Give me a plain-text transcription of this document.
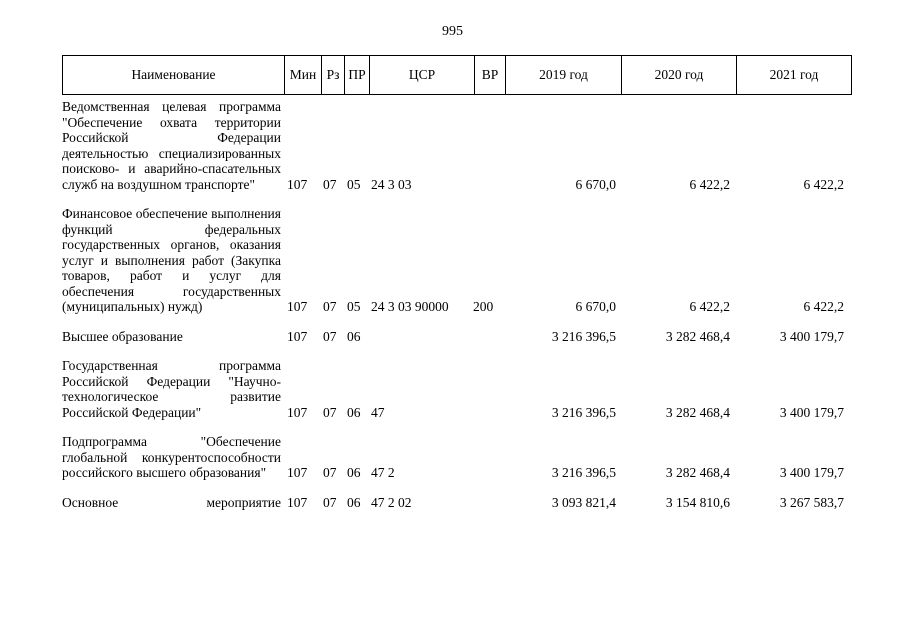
995
Наименование	Мин	Рз	ПР	ЦСР	ВР	2019 год	2020 год	2021 год
Ведомственная целевая программа "Обеспечение охвата территории Российской Федерации деятельностью специализированных поисково- и аварийно-спасательных служб на воздушном транспорте"	107	07	05	24 3 03		6 670,0	6 422,2	6 422,2

Финансовое обеспечение выполнения функций федеральных государственных органов, оказания услуг и выполнения работ (Закупка товаров, работ и услуг для обеспечения государственных (муниципальных) нужд)	107	07	05	24 3 03 90000	200	6 670,0	6 422,2	6 422,2

Высшее образование	107	07	06			3 216 396,5	3 282 468,4	3 400 179,7

Государственная программа Российской Федерации "Научно-технологическое развитие Российской Федерации"	107	07	06	47		3 216 396,5	3 282 468,4	3 400 179,7

Подпрограмма "Обеспечение глобальной конкурентоспособности российского высшего образования"	107	07	06	47 2		3 216 396,5	3 282 468,4	3 400 179,7

Основное мероприятие	107	07	06	47 2 02		3 093 821,4	3 154 810,6	3 267 583,7
